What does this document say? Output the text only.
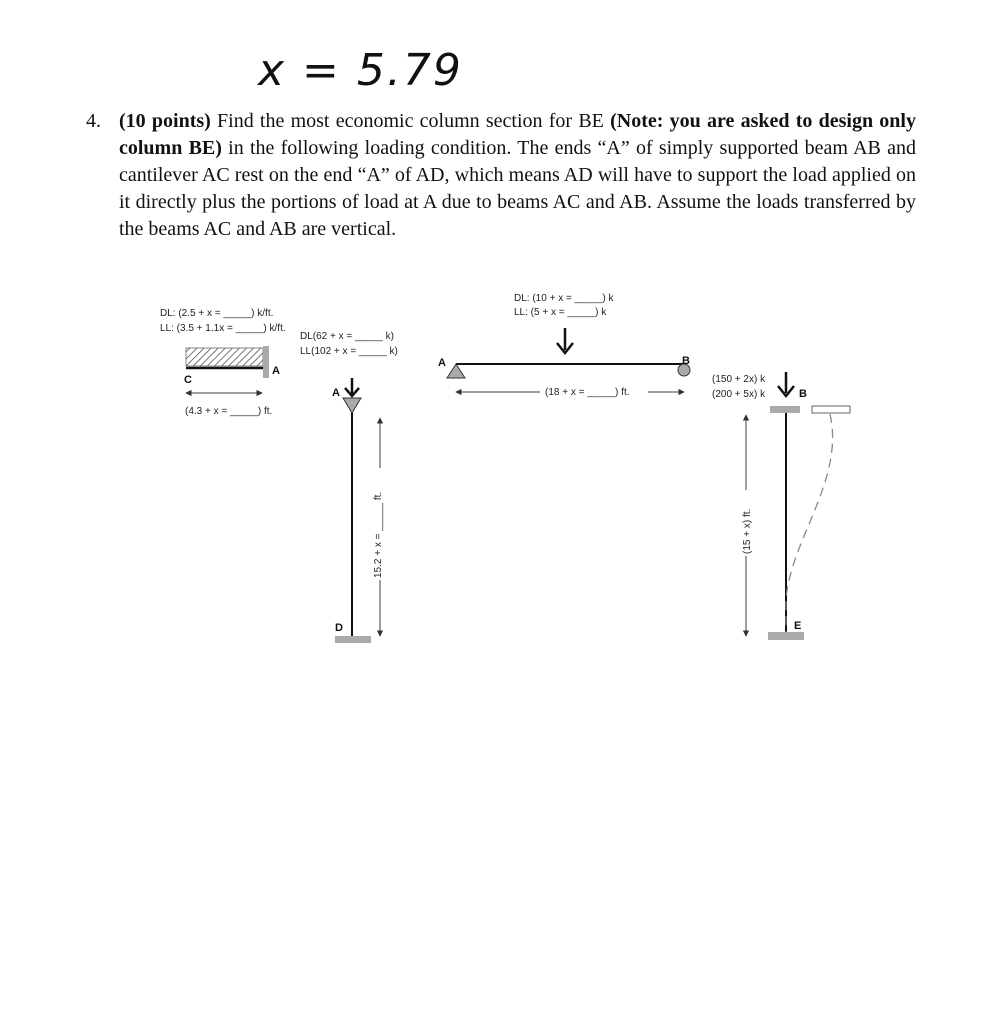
x = 5.79
4. (10 points) Find the most economic column section for BE (Note: you are asked to design only column BE) in the following loading condition. The ends “A” of simply supported beam AB and cantilever AC rest on the end “A” of AD, which means AD will have to support the load applied on it directly plus the portions of load at A due to beams AC and AB. Assume the loads transferred by the beams AC and AB are vertical.
DL: (2.5 + x = _____) k/ft.
LL: (3.5 + 1.1x = _____) k/ft.
C
A
(4.3 + x = _____) ft.
DL(62 + x = _____ k)
LL(102 + x = _____ k)
A
D
15.2 + x = _____ ft.
DL: (10 + x = _____) k
LL: (5 + x = _____) k
A	B
(18 + x = _____) ft.
(150 + 2x) k
(200 + 5x) k	B
E
(15 + x) ft.
